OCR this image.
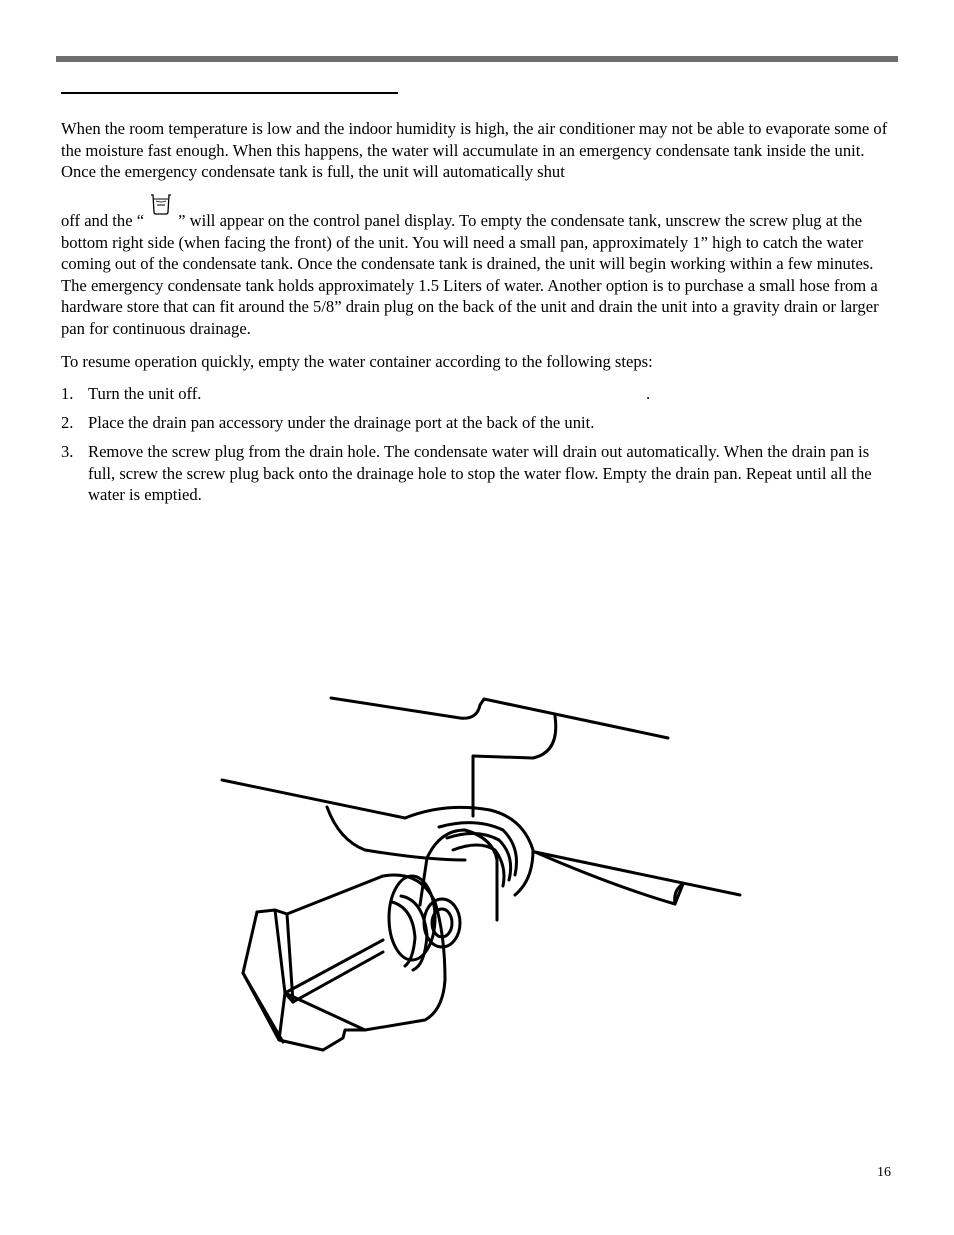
When the room temperature is low and the indoor humidity is high, the air conditioner may not be able to evaporate some of the moisture fast enough. When this happens, the water will accumulate in an emergency condensate tank inside the unit. Once the emergency condensate tank is full, the unit will automatically shut

off and the “ ” will appear on the control panel display. To empty the condensate tank, unscrew the screw plug at the bottom right side (when facing the front) of the unit. You will need a small pan, approximately 1” high to catch the water coming out of the condensate tank. Once the condensate tank is drained, the unit will begin working within a few minutes. The emergency condensate tank holds approximately 1.5 Liters of water. Another option is to purchase a small hose from a hardware store that can fit around the 5/8” drain plug on the back of the unit and drain the unit into a gravity drain or larger pan for continuous drainage.

To resume operation quickly, empty the water container according to the following steps:

1. Turn the unit off.	.
2. Place the drain pan accessory under the drainage port at the back of the unit.
3. Remove the screw plug from the drain hole. The condensate water will drain out automatically. When the drain pan is full, screw the screw plug back onto the drainage hole to stop the water flow. Empty the drain pan. Repeat until all the water is emptied.
16
